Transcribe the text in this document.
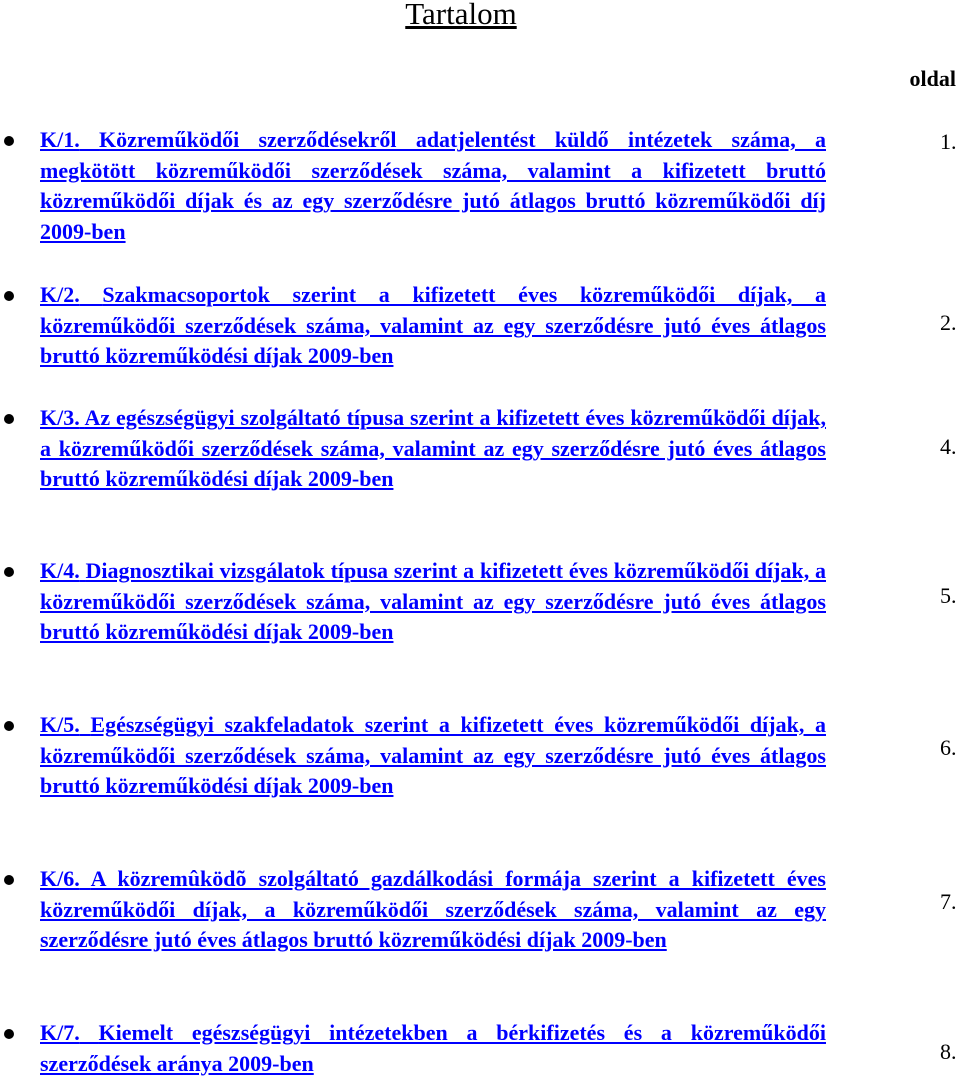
Tartalom
oldal
K/1. Közreműködői szerződésekről adatjelentést küldő intézetek száma, a megkötött közreműködői szerződések száma, valamint a kifizetett bruttó közreműködői díjak és az egy szerződésre jutó átlagos bruttó közreműködői díj 2009-ben
1.
K/2. Szakmacsoportok szerint a kifizetett éves közreműködői díjak, a közreműködői szerződések száma, valamint az egy szerződésre jutó éves átlagos bruttó közreműködési díjak 2009-ben
2.
K/3. Az egészségügyi szolgáltató típusa szerint a kifizetett éves közreműködői díjak, a közreműködői szerződések száma, valamint az egy szerződésre jutó éves átlagos bruttó közreműködési díjak 2009-ben
4.
K/4. Diagnosztikai vizsgálatok típusa szerint a kifizetett éves közreműködői díjak, a közreműködői szerződések száma, valamint az egy szerződésre jutó éves átlagos bruttó közreműködési díjak 2009-ben
5.
K/5. Egészségügyi szakfeladatok szerint a kifizetett éves közreműködői díjak, a közreműködői szerződések száma, valamint az egy szerződésre jutó éves átlagos bruttó közreműködési díjak 2009-ben
6.
K/6. A közremûködõ szolgáltató gazdálkodási formája szerint a kifizetett éves közreműködői díjak, a közreműködői szerződések száma, valamint az egy szerződésre jutó éves átlagos bruttó közreműködési díjak 2009-ben
7.
K/7. Kiemelt egészségügyi intézetekben a bérkifizetés és a közreműködői szerződések aránya 2009-ben	8.
